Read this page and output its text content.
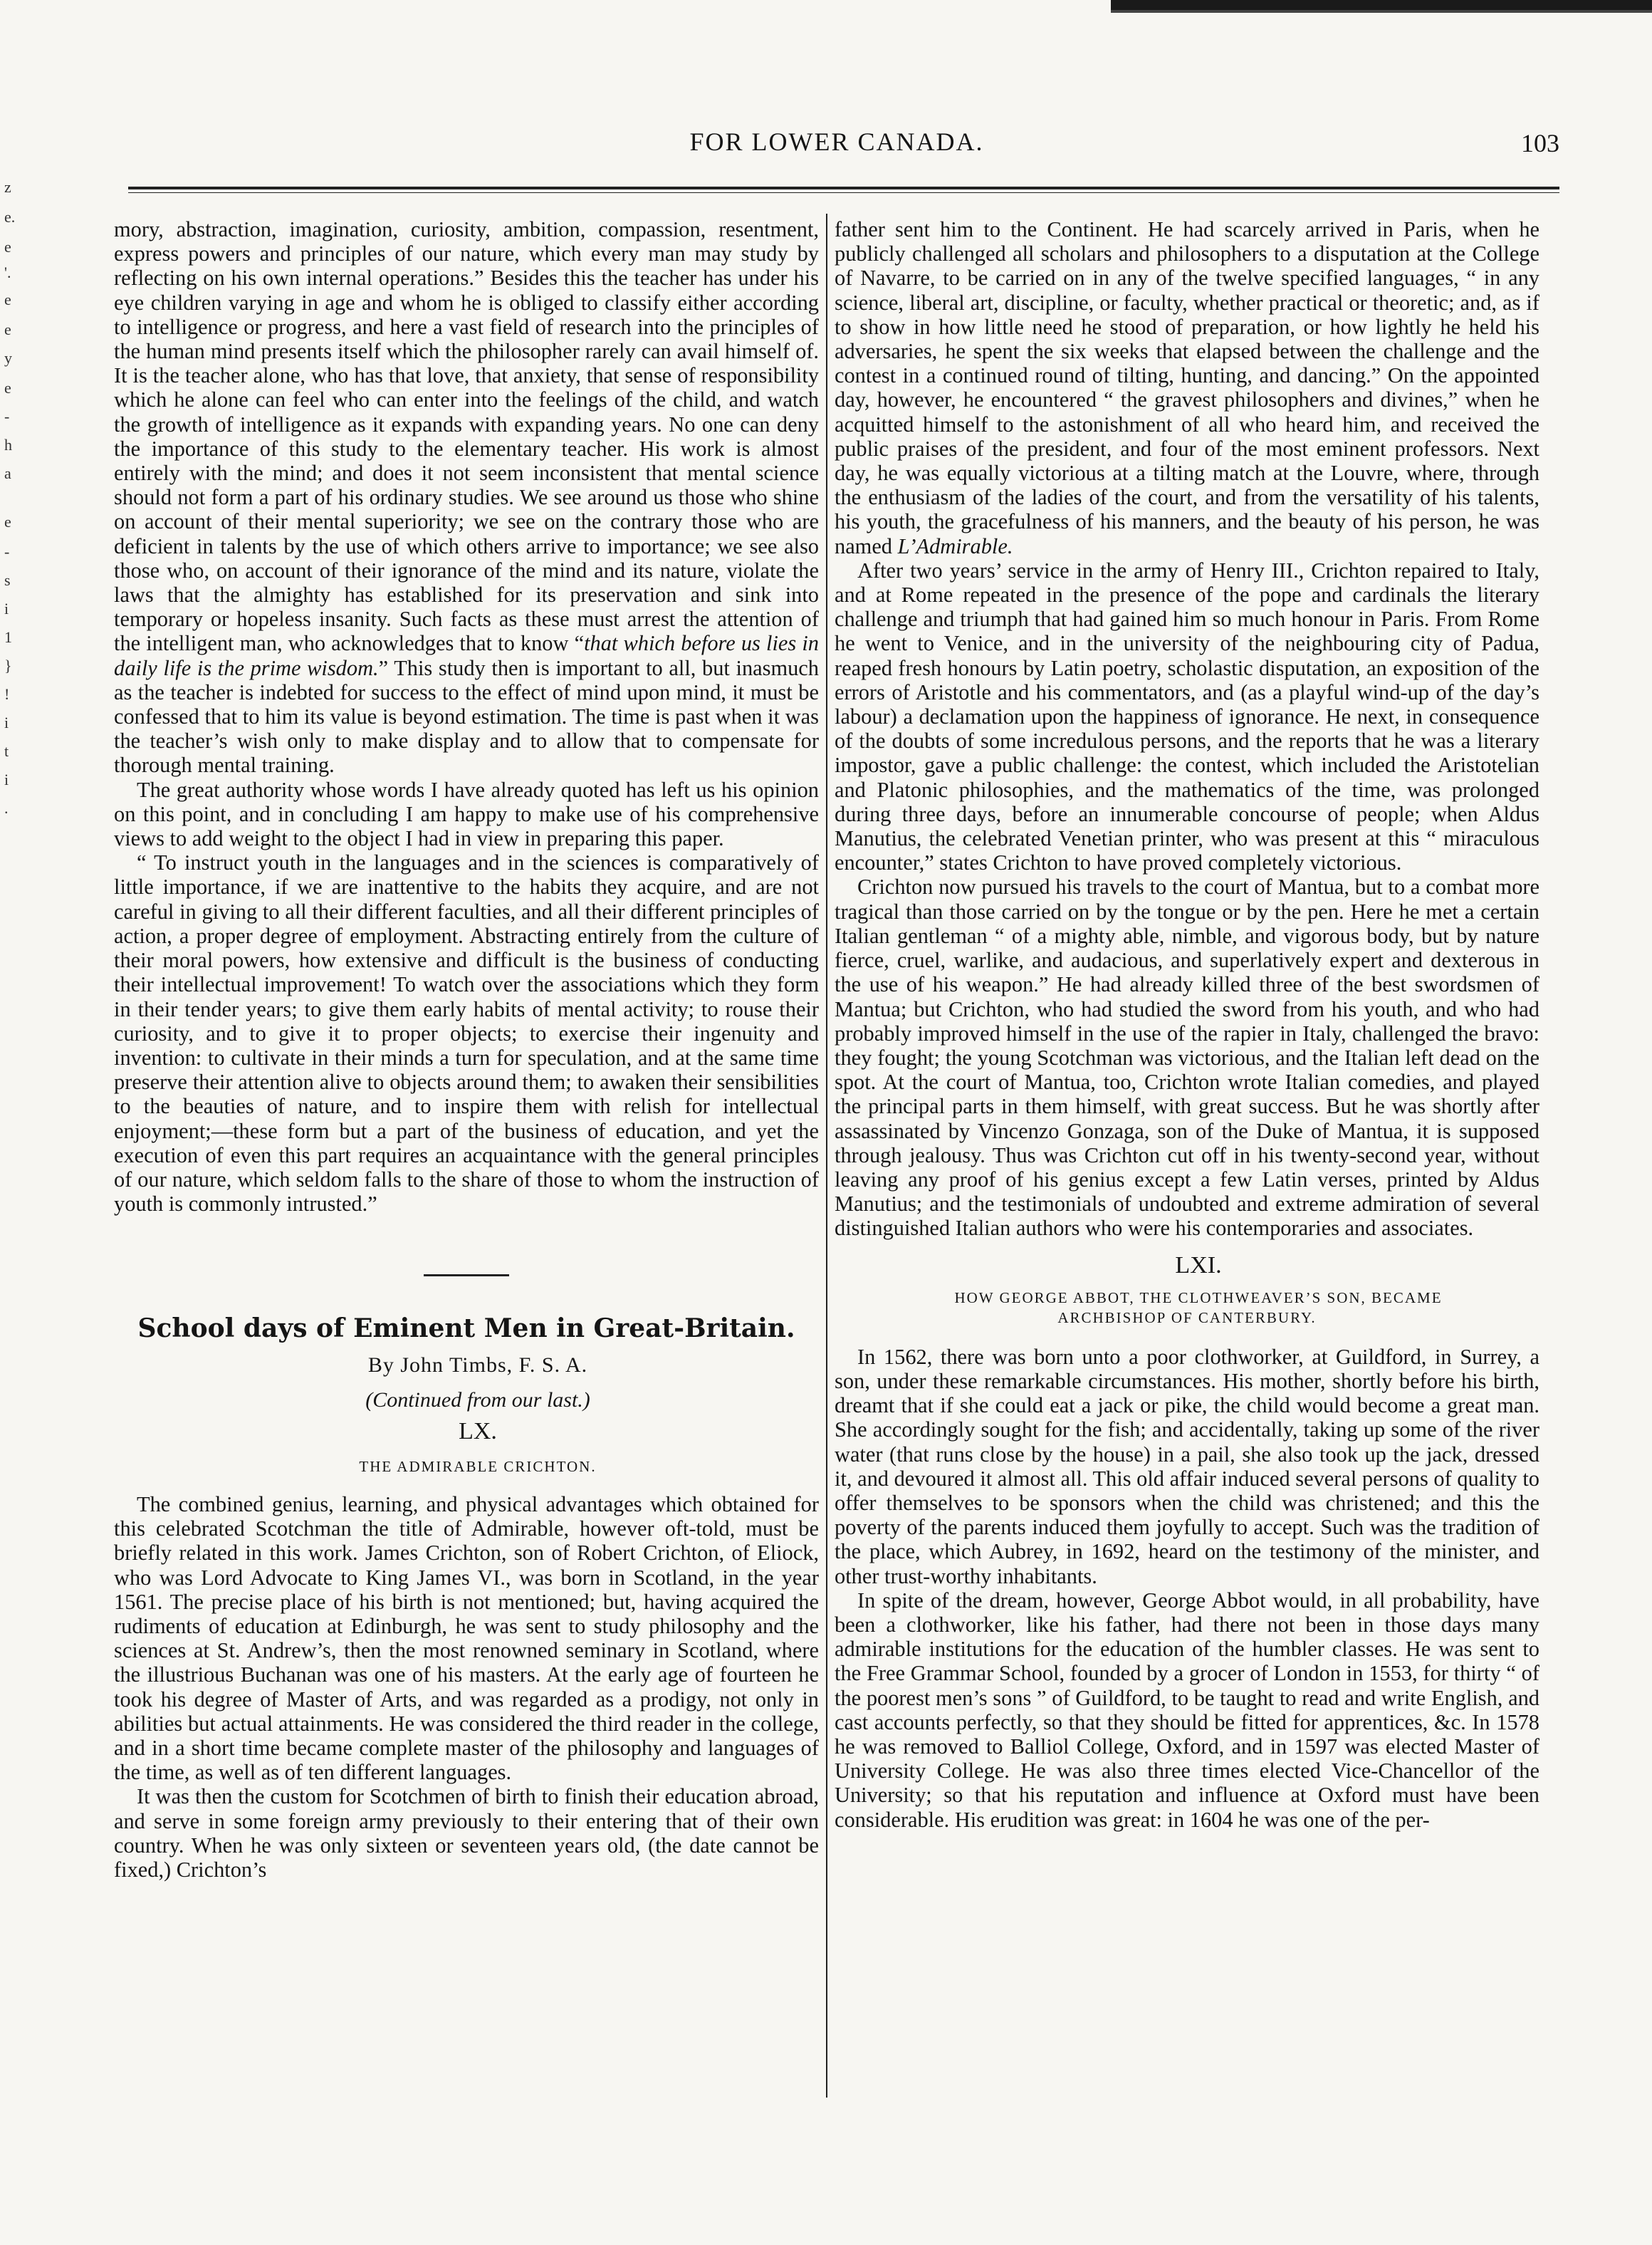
z
e.
e
'.
e
e
y
e
-
h
a
e
-
s
i
1
}
!
i
t
i
.
FOR LOWER CANADA.	103

mory, abstraction, imagination, curiosity, ambition, compassion, resentment, express powers and principles of our nature, which every man may study by reflecting on his own internal operations.” Besides this the teacher has under his eye children varying in age and whom he is obliged to classify either according to intelligence or progress, and here a vast field of research into the principles of the human mind presents itself which the philosopher rarely can avail himself of. It is the teacher alone, who has that love, that anxiety, that sense of responsibility which he alone can feel who can enter into the feelings of the child, and watch the growth of intelligence as it expands with expanding years. No one can deny the importance of this study to the elementary teacher. His work is almost entirely with the mind; and does it not seem inconsistent that mental science should not form a part of his ordinary studies. We see around us those who shine on account of their mental superiority; we see on the contrary those who are deficient in talents by the use of which others arrive to importance; we see also those who, on account of their ignorance of the mind and its nature, violate the laws that the almighty has established for its preservation and sink into temporary or hopeless insanity. Such facts as these must arrest the attention of the intelligent man, who acknowledges that to know “that which before us lies in daily life is the prime wisdom.” This study then is important to all, but inasmuch as the teacher is indebted for success to the effect of mind upon mind, it must be confessed that to him its value is beyond estimation. The time is past when it was the teacher’s wish only to make display and to allow that to compensate for thorough mental training.

The great authority whose words I have already quoted has left us his opinion on this point, and in concluding I am happy to make use of his comprehensive views to add weight to the object I had in view in preparing this paper.

“ To instruct youth in the languages and in the sciences is comparatively of little importance, if we are inattentive to the habits they acquire, and are not careful in giving to all their different faculties, and all their different principles of action, a proper degree of employment. Abstracting entirely from the culture of their moral powers, how extensive and difficult is the business of conducting their intellectual improvement! To watch over the associations which they form in their tender years; to give them early habits of mental activity; to rouse their curiosity, and to give it to proper objects; to exercise their ingenuity and invention: to cultivate in their minds a turn for speculation, and at the same time preserve their attention alive to objects around them; to awaken their sensibilities to the beauties of nature, and to inspire them with relish for intellectual enjoyment;—these form but a part of the business of education, and yet the execution of even this part requires an acquaintance with the general principles of our nature, which seldom falls to the share of those to whom the instruction of youth is commonly intrusted.”

School days of Eminent Men in Great-Britain.

By John Timbs, F. S. A.

(Continued from our last.)

LX.

THE ADMIRABLE CRICHTON.

The combined genius, learning, and physical advantages which obtained for this celebrated Scotchman the title of Admirable, however oft-told, must be briefly related in this work. James Crichton, son of Robert Crichton, of Eliock, who was Lord Advocate to King James VI., was born in Scotland, in the year 1561. The precise place of his birth is not mentioned; but, having acquired the rudiments of education at Edinburgh, he was sent to study philosophy and the sciences at St. Andrew’s, then the most renowned seminary in Scotland, where the illustrious Buchanan was one of his masters. At the early age of fourteen he took his degree of Master of Arts, and was regarded as a prodigy, not only in abilities but actual attainments. He was considered the third reader in the college, and in a short time became complete master of the philosophy and languages of the time, as well as of ten different languages.

It was then the custom for Scotchmen of birth to finish their education abroad, and serve in some foreign army previously to their entering that of their own country. When he was only sixteen or seventeen years old, (the date cannot be fixed,) Crichton’s

father sent him to the Continent. He had scarcely arrived in Paris, when he publicly challenged all scholars and philosophers to a disputation at the College of Navarre, to be carried on in any of the twelve specified languages, “ in any science, liberal art, discipline, or faculty, whether practical or theoretic; and, as if to show in how little need he stood of preparation, or how lightly he held his adversaries, he spent the six weeks that elapsed between the challenge and the contest in a continued round of tilting, hunting, and dancing.” On the appointed day, however, he encountered “ the gravest philosophers and divines,” when he acquitted himself to the astonishment of all who heard him, and received the public praises of the president, and four of the most eminent professors. Next day, he was equally victorious at a tilting match at the Louvre, where, through the enthusiasm of the ladies of the court, and from the versatility of his talents, his youth, the gracefulness of his manners, and the beauty of his person, he was named L’Admirable.

After two years’ service in the army of Henry III., Crichton repaired to Italy, and at Rome repeated in the presence of the pope and cardinals the literary challenge and triumph that had gained him so much honour in Paris. From Rome he went to Venice, and in the university of the neighbouring city of Padua, reaped fresh honours by Latin poetry, scholastic disputation, an exposition of the errors of Aristotle and his commentators, and (as a playful wind-up of the day’s labour) a declamation upon the happiness of ignorance. He next, in consequence of the doubts of some incredulous persons, and the reports that he was a literary impostor, gave a public challenge: the contest, which included the Aristotelian and Platonic philosophies, and the mathematics of the time, was prolonged during three days, before an innumerable concourse of people; when Aldus Manutius, the celebrated Venetian printer, who was present at this “ miraculous encounter,” states Crichton to have proved completely victorious.

Crichton now pursued his travels to the court of Mantua, but to a combat more tragical than those carried on by the tongue or by the pen. Here he met a certain Italian gentleman “ of a mighty able, nimble, and vigorous body, but by nature fierce, cruel, warlike, and audacious, and superlatively expert and dexterous in the use of his weapon.” He had already killed three of the best swordsmen of Mantua; but Crichton, who had studied the sword from his youth, and who had probably improved himself in the use of the rapier in Italy, challenged the bravo: they fought; the young Scotchman was victorious, and the Italian left dead on the spot. At the court of Mantua, too, Crichton wrote Italian comedies, and played the principal parts in them himself, with great success. But he was shortly after assassinated by Vincenzo Gonzaga, son of the Duke of Mantua, it is supposed through jealousy. Thus was Crichton cut off in his twenty-second year, without leaving any proof of his genius except a few Latin verses, printed by Aldus Manutius; and the testimonials of undoubted and extreme admiration of several distinguished Italian authors who were his contemporaries and associates.

LXI.

HOW GEORGE ABBOT, THE CLOTHWEAVER’S SON, BECAME
ARCHBISHOP OF CANTERBURY.

In 1562, there was born unto a poor clothworker, at Guildford, in Surrey, a son, under these remarkable circumstances. His mother, shortly before his birth, dreamt that if she could eat a jack or pike, the child would become a great man. She accordingly sought for the fish; and accidentally, taking up some of the river water (that runs close by the house) in a pail, she also took up the jack, dressed it, and devoured it almost all. This old affair induced several persons of quality to offer themselves to be sponsors when the child was christened; and this the poverty of the parents induced them joyfully to accept. Such was the tradition of the place, which Aubrey, in 1692, heard on the testimony of the minister, and other trust-worthy inhabitants.

In spite of the dream, however, George Abbot would, in all probability, have been a clothworker, like his father, had there not been in those days many admirable institutions for the education of the humbler classes. He was sent to the Free Grammar School, founded by a grocer of London in 1553, for thirty “ of the poorest men’s sons ” of Guildford, to be taught to read and write English, and cast accounts perfectly, so that they should be fitted for apprentices, &c. In 1578 he was removed to Balliol College, Oxford, and in 1597 was elected Master of University College. He was also three times elected Vice-Chancellor of the University; so that his reputation and influence at Oxford must have been considerable. His erudition was great: in 1604 he was one of the per-
